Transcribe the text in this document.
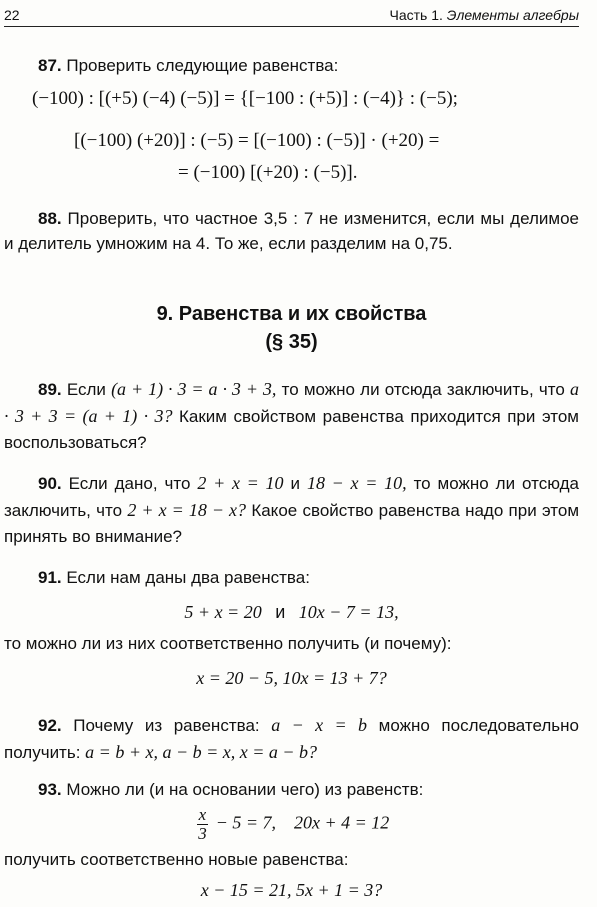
22	Часть 1. Элементы алгебры

87. Проверить следующие равенства:

(−100) : [(+5) (−4) (−5)] = {[−100 : (+5)] : (−4)} : (−5);
[(−100) (+20)] : (−5) = [(−100) : (−5)] · (+20) =
= (−100) [(+20) : (−5)].

88. Проверить, что частное 3,5 : 7 не изменится, если мы делимое и делитель умножим на 4. То же, если разделим на 0,75.

9. Равенства и их свойства
(§ 35)

89. Если (a + 1) · 3 = a · 3 + 3, то можно ли отсюда заключить, что a · 3 + 3 = (a + 1) · 3? Каким свойством равенства приходится при этом воспользоваться?

90. Если дано, что 2 + x = 10 и 18 − x = 10, то можно ли отсюда заключить, что 2 + x = 18 − x? Какое свойство равенства надо при этом принять во внимание?

91. Если нам даны два равенства:

5 + x = 20 и 10x − 7 = 13,
то можно ли из них соответственно получить (и почему):
x = 20 − 5, 10x = 13 + 7?

92. Почему из равенства: a − x = b можно последовательно получить: a = b + x, a − b = x, x = a − b?

93. Можно ли (и на основании чего) из равенств:

$\frac{x}{3} - 5 = 7$, 20x + 4 = 12
получить соответственно новые равенства:
x − 15 = 21, 5x + 1 = 3?
